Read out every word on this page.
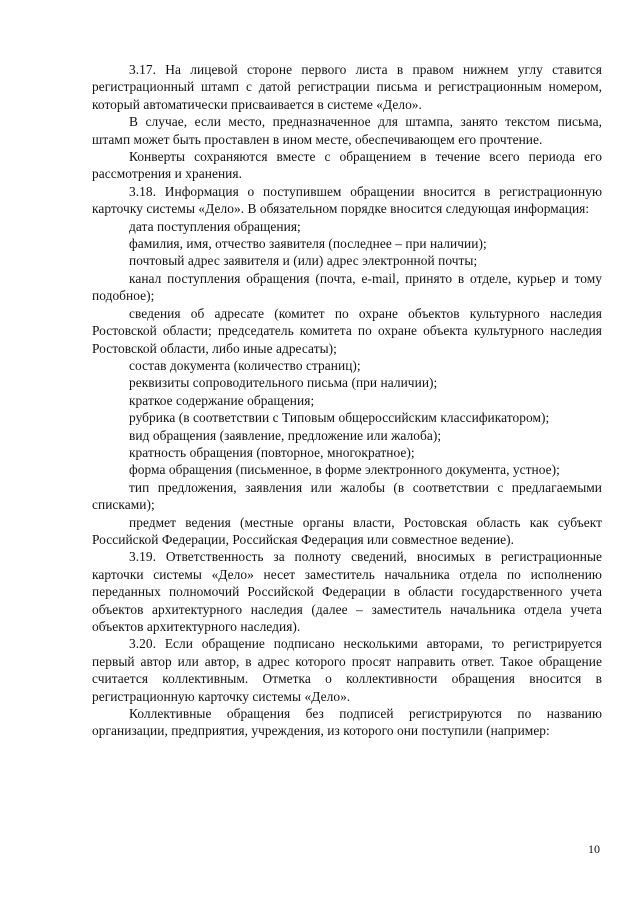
3.17. На лицевой стороне первого листа в правом нижнем углу ставится регистрационный штамп с датой регистрации письма и регистрационным номером, который автоматически присваивается в системе «Дело».

В случае, если место, предназначенное для штампа, занято текстом письма, штамп может быть проставлен в ином месте, обеспечивающем его прочтение.

Конверты сохраняются вместе с обращением в течение всего периода его рассмотрения и хранения.

3.18. Информация о поступившем обращении вносится в регистрационную карточку системы «Дело». В обязательном порядке вносится следующая информация:

дата поступления обращения;

фамилия, имя, отчество заявителя (последнее – при наличии);

почтовый адрес заявителя и (или) адрес электронной почты;

канал поступления обращения (почта, e-mail, принято в отделе, курьер и тому подобное);

сведения об адресате (комитет по охране объектов культурного наследия Ростовской области; председатель комитета по охране объекта культурного наследия Ростовской области, либо иные адресаты);

состав документа (количество страниц);

реквизиты сопроводительного письма (при наличии);

краткое содержание обращения;

рубрика (в соответствии с Типовым общероссийским классификатором);

вид обращения (заявление, предложение или жалоба);

кратность обращения (повторное, многократное);

форма обращения (письменное, в форме электронного документа, устное);

тип предложения, заявления или жалобы (в соответствии с предлагаемыми списками);

предмет ведения (местные органы власти, Ростовская область как субъект Российской Федерации, Российская Федерация или совместное ведение).

3.19. Ответственность за полноту сведений, вносимых в регистрационные карточки системы «Дело» несет заместитель начальника отдела по исполнению переданных полномочий Российской Федерации в области государственного учета объектов архитектурного наследия (далее – заместитель начальника отдела учета объектов архитектурного наследия).

3.20. Если обращение подписано несколькими авторами, то регистрируется первый автор или автор, в адрес которого просят направить ответ. Такое обращение считается коллективным. Отметка о коллективности обращения вносится в регистрационную карточку системы «Дело».

Коллективные обращения без подписей регистрируются по названию организации, предприятия, учреждения, из которого они поступили (например:

10
